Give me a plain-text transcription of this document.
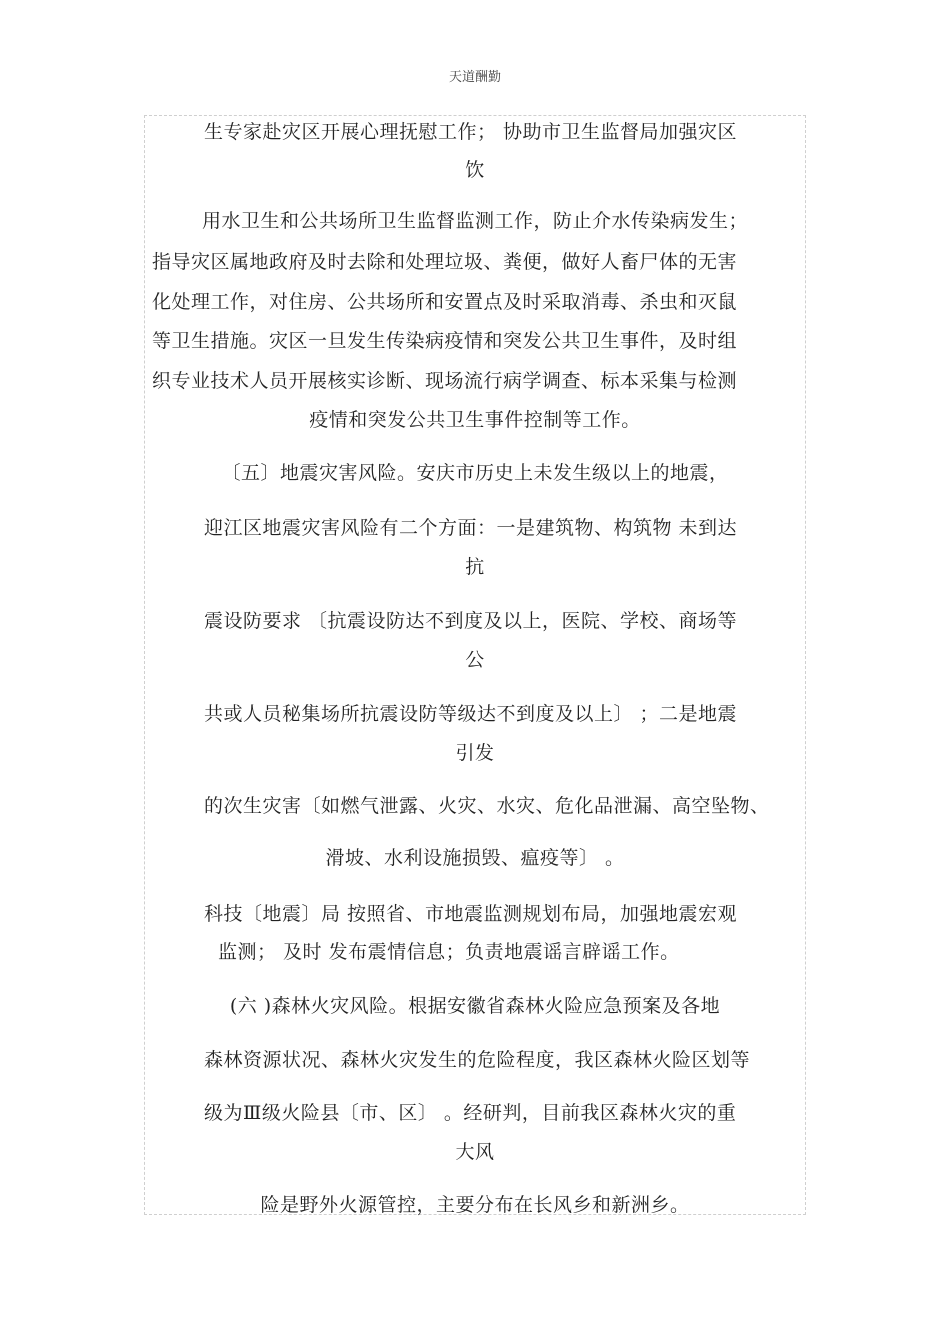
天道酬勤
生专家赴灾区开展心理抚慰工作； 协助市卫生监督局加强灾区
饮
用水卫生和公共场所卫生监督监测工作，防止介水传染病发生；
指导灾区属地政府及时去除和处理垃圾、粪便，做好人畜尸体的无害
化处理工作，对住房、公共场所和安置点及时采取消毒、杀虫和灭鼠
等卫生措施。灾区一旦发生传染病疫情和突发公共卫生事件，及时组
织专业技术人员开展核实诊断、现场流行病学调查、标本采集与检测
疫情和突发公共卫生事件控制等工作。
〔五〕地震灾害风险。安庆市历史上未发生级以上的地震，
迎江区地震灾害风险有二个方面：一是建筑物、构筑物 未到达
抗
震设防要求 〔抗震设防达不到度及以上，医院、学校、商场等
公
共或人员秘集场所抗震设防等级达不到度及以上〕 ；二是地震
引发
的次生灾害〔如燃气泄露、火灾、水灾、危化品泄漏、高空坠物、
滑坡、水利设施损毁、瘟疫等〕 。
科技〔地震〕局 按照省、市地震监测规划布局，加强地震宏观
监测； 及时 发布震情信息；负责地震谣言辟谣工作。
(六 )森林火灾风险。根据安徽省森林火险应急预案及各地
森林资源状况、森林火灾发生的危险程度，我区森林火险区划等
级为Ⅲ级火险县〔市、区〕 。经研判，目前我区森林火灾的重
大风
险是野外火源管控，主要分布在长风乡和新洲乡。
